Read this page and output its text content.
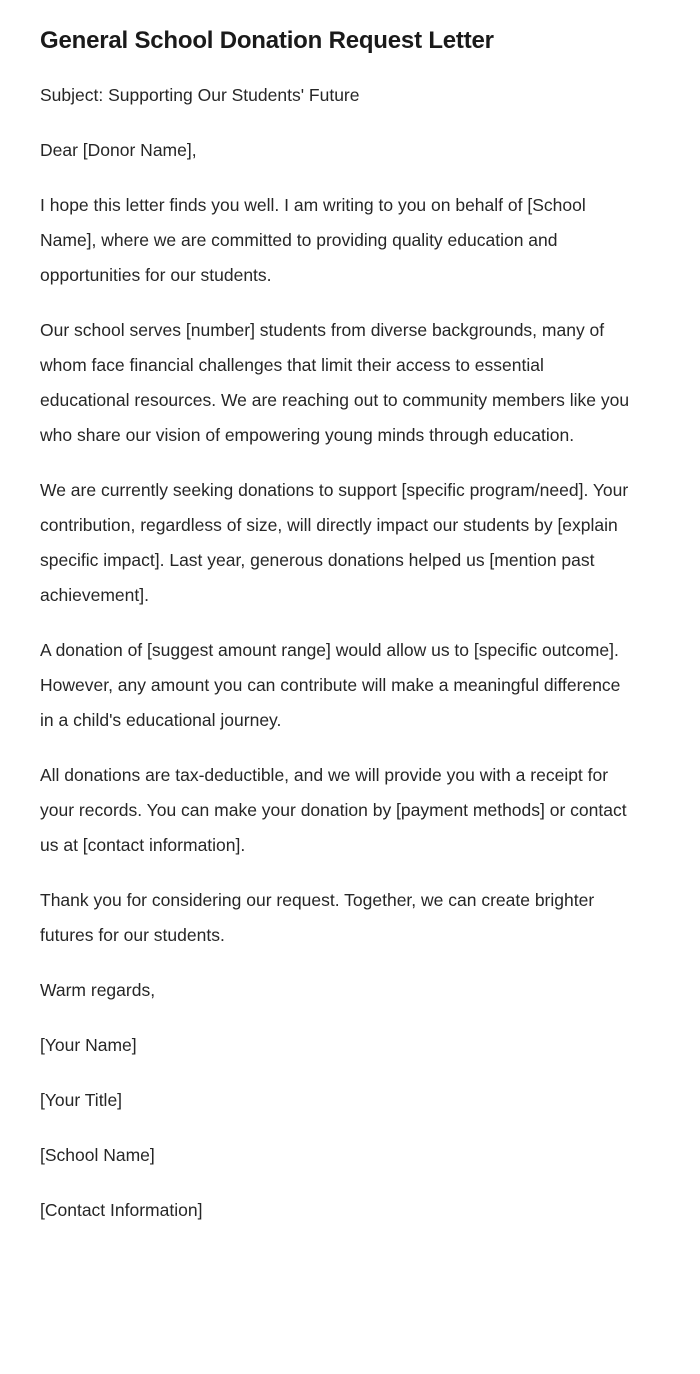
General School Donation Request Letter

Subject: Supporting Our Students' Future

Dear [Donor Name],

I hope this letter finds you well. I am writing to you on behalf of [School Name], where we are committed to providing quality education and opportunities for our students.

Our school serves [number] students from diverse backgrounds, many of whom face financial challenges that limit their access to essential educational resources. We are reaching out to community members like you who share our vision of empowering young minds through education.

We are currently seeking donations to support [specific program/need]. Your contribution, regardless of size, will directly impact our students by [explain specific impact]. Last year, generous donations helped us [mention past achievement].

A donation of [suggest amount range] would allow us to [specific outcome]. However, any amount you can contribute will make a meaningful difference in a child's educational journey.

All donations are tax-deductible, and we will provide you with a receipt for your records. You can make your donation by [payment methods] or contact us at [contact information].

Thank you for considering our request. Together, we can create brighter futures for our students.

Warm regards,

[Your Name]

[Your Title]

[School Name]

[Contact Information]
